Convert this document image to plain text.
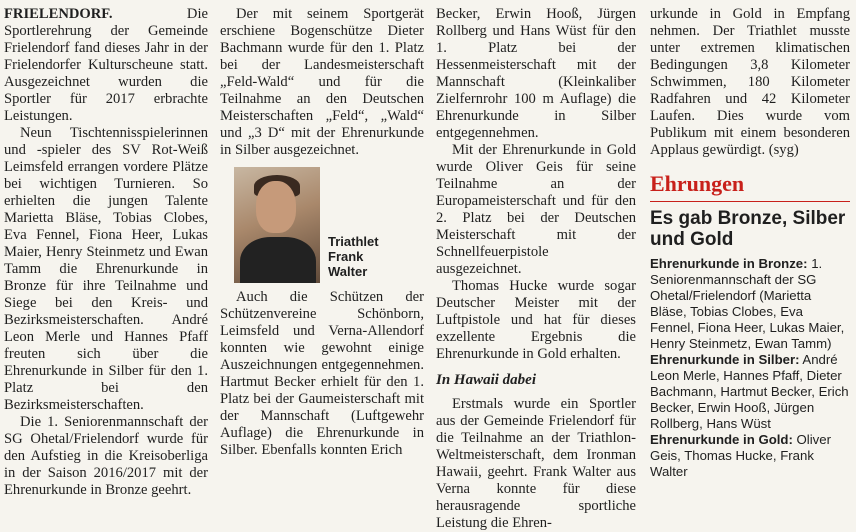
FRIELENDORF.	Die Sportlerehrung der Gemeinde Frielendorf fand dieses Jahr in der Frielendorfer Kulturscheune statt. Ausgezeichnet wurden die Sportler für 2017 erbrachte Leistungen.

Neun Tischtennisspielerinnen und -spieler des SV Rot-Weiß Leimsfeld errangen vordere Plätze bei wichtigen Turnieren. So erhielten die jungen Talente Marietta Bläse, Tobias Clobes, Eva Fennel, Fiona Heer, Lukas Maier, Henry Steinmetz und Ewan Tamm die Ehrenurkunde in Bronze für ihre Teilnahme und Siege bei den Kreis- und Bezirksmeisterschaften. André Leon Merle und Hannes Pfaff freuten sich über die Ehrenurkunde in Silber für den 1. Platz bei den Bezirksmeisterschaften.

Die 1. Seniorenmannschaft der SG Ohetal/Frielendorf wurde für den Aufstieg in die Kreisoberliga in der Saison 2016/2017 mit der Ehrenurkunde in Bronze geehrt.

Der mit seinem Sportgerät erschiene Bogenschütze Dieter Bachmann wurde für den 1. Platz bei der Landesmeisterschaft „Feld-Wald“ und für die Teilnahme an den Deutschen Meisterschaften „Feld“, „Wald“ und „3 D“ mit der Ehrenurkunde in Silber ausgezeichnet.

Triathlet Frank Walter

Auch die Schützen der Schützenvereine Schönborn, Leimsfeld und Verna-Allendorf konnten wie gewohnt einige Auszeichnungen entgegennehmen. Hartmut Becker erhielt für den 1. Platz bei der Gaumeisterschaft mit der Mannschaft (Luftgewehr Auflage) die Ehrenurkunde in Silber. Ebenfalls konnten Erich

Becker, Erwin Hooß, Jürgen Rollberg und Hans Wüst für den 1. Platz bei der Hessenmeisterschaft mit der Mannschaft (Kleinkaliber Zielfernrohr 100 m Auflage) die Ehrenurkunde in Silber entgegennehmen.

Mit der Ehrenurkunde in Gold wurde Oliver Geis für seine Teilnahme an der Europameisterschaft und für den 2. Platz bei der Deutschen Meisterschaft mit der Schnellfeuerpistole ausgezeichnet.

Thomas Hucke wurde sogar Deutscher Meister mit der Luftpistole und hat für dieses exzellente Ergebnis die Ehrenurkunde in Gold erhalten.

In Hawaii dabei

Erstmals wurde ein Sportler aus der Gemeinde Frielendorf für die Teilnahme an der Triathlon-Weltmeisterschaft, dem Ironman Hawaii, geehrt. Frank Walter aus Verna konnte für diese herausragende sportliche Leistung die Ehren-

urkunde in Gold in Empfang nehmen. Der Triathlet musste unter extremen klimatischen Bedingungen 3,8 Kilometer Schwimmen, 180 Kilometer Radfahren und 42 Kilometer Laufen. Dies wurde vom Publikum mit einem besonderen Applaus gewürdigt. (syg)

Ehrungen

Es gab Bronze, Silber und Gold

Ehrenurkunde in Bronze: 1. Seniorenmannschaft der SG Ohetal/Frielendorf (Marietta Bläse, Tobias Clobes, Eva Fennel, Fiona Heer, Lukas Maier, Henry Steinmetz, Ewan Tamm)

Ehrenurkunde in Silber: André Leon Merle, Hannes Pfaff, Dieter Bachmann, Hartmut Becker, Erich Becker, Erwin Hooß, Jürgen Rollberg, Hans Wüst

Ehrenurkunde in Gold: Oliver Geis, Thomas Hucke, Frank Walter
